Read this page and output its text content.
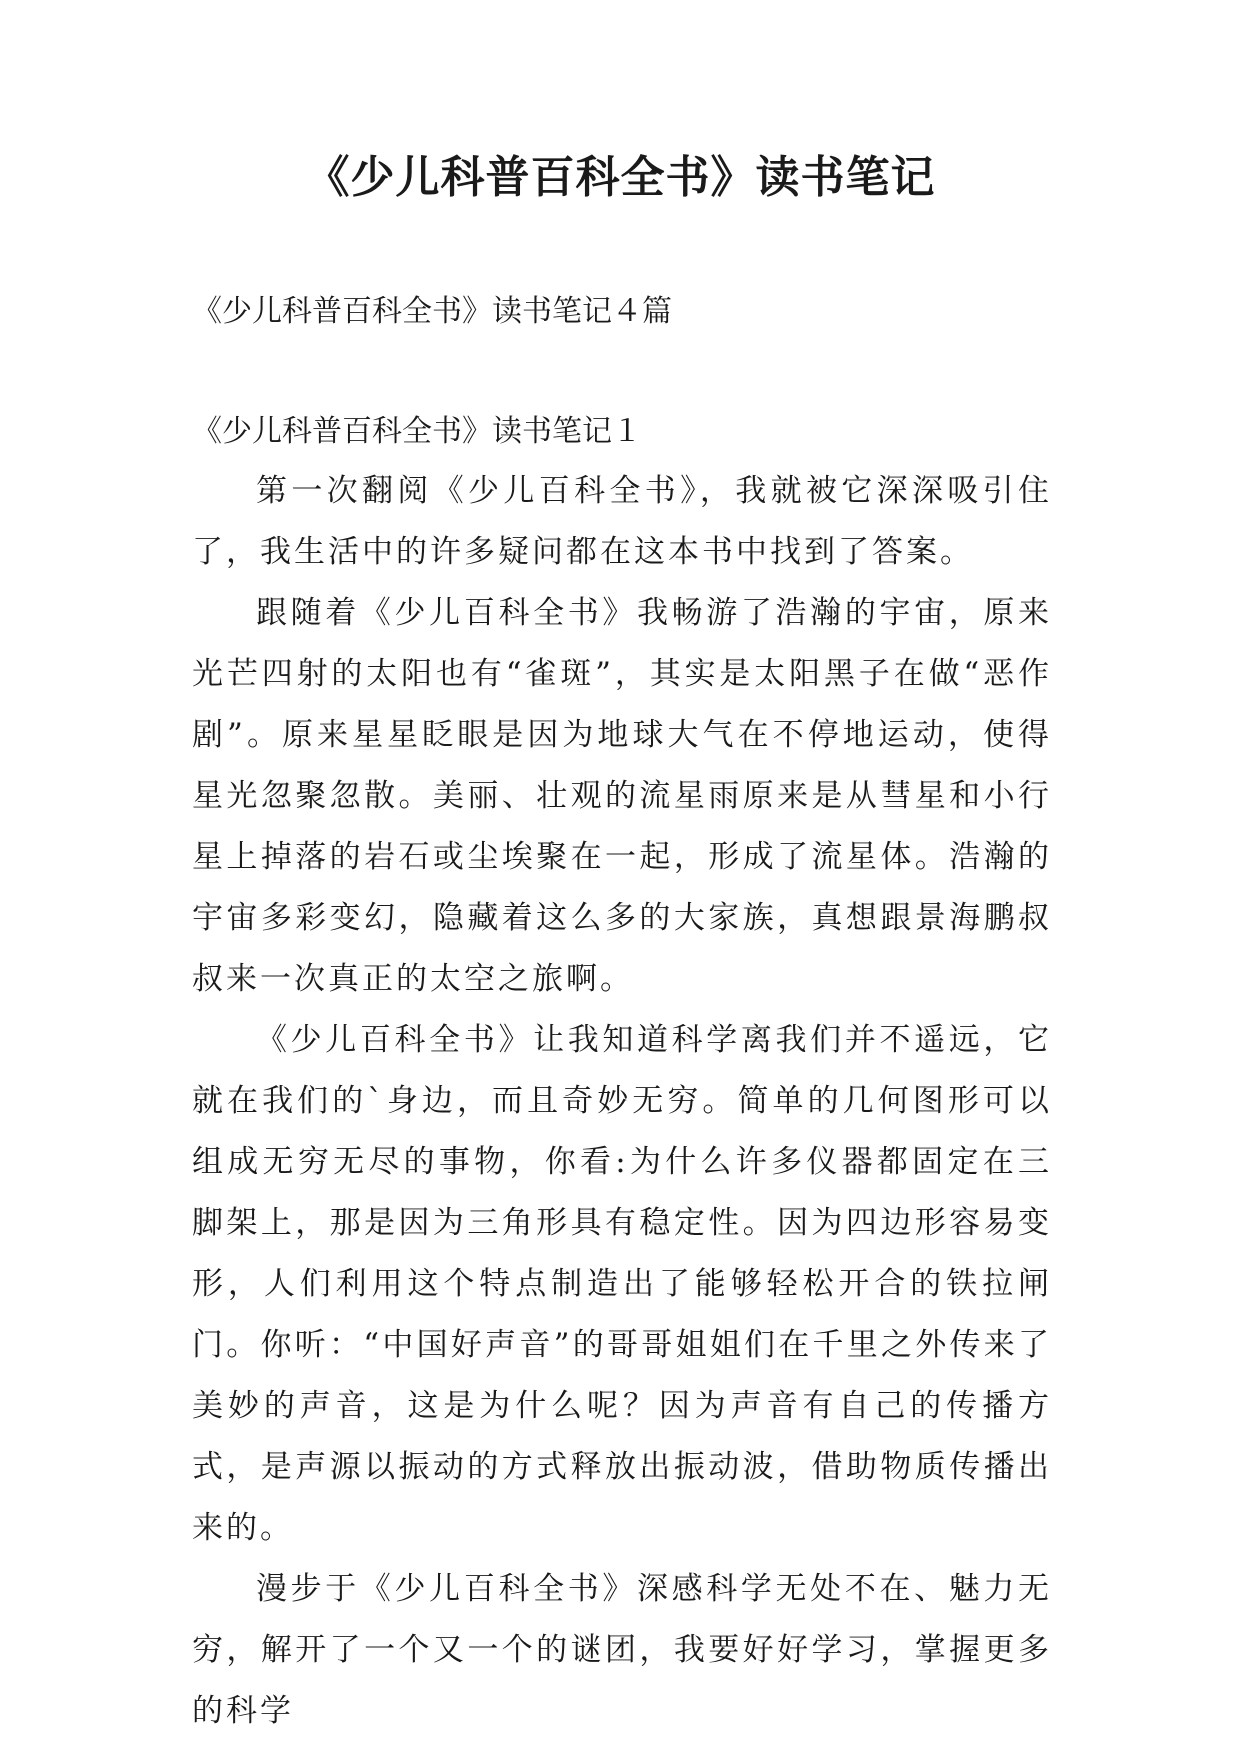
《少儿科普百科全书》读书笔记

《少儿科普百科全书》读书笔记４篇

《少儿科普百科全书》读书笔记１

第一次翻阅《少儿百科全书》，我就被它深深吸引住了，我生活中的许多疑问都在这本书中找到了答案。

跟随着《少儿百科全书》我畅游了浩瀚的宇宙，原来光芒四射的太阳也有“雀斑”，其实是太阳黑子在做“恶作剧”。原来星星眨眼是因为地球大气在不停地运动，使得星光忽聚忽散。美丽、壮观的流星雨原来是从彗星和小行星上掉落的岩石或尘埃聚在一起，形成了流星体。浩瀚的宇宙多彩变幻，隐藏着这么多的大家族，真想跟景海鹏叔叔来一次真正的太空之旅啊。

《少儿百科全书》让我知道科学离我们并不遥远，它就在我们的`身边，而且奇妙无穷。简单的几何图形可以组成无穷无尽的事物，你看:为什么许多仪器都固定在三脚架上，那是因为三角形具有稳定性。因为四边形容易变形，人们利用这个特点制造出了能够轻松开合的铁拉闸门。你听：“中国好声音”的哥哥姐姐们在千里之外传来了美妙的声音，这是为什么呢？因为声音有自己的传播方式，是声源以振动的方式释放出振动波，借助物质传播出来的。

漫步于《少儿百科全书》深感科学无处不在、魅力无穷，解开了一个又一个的谜团，我要好好学习，掌握更多的科学
